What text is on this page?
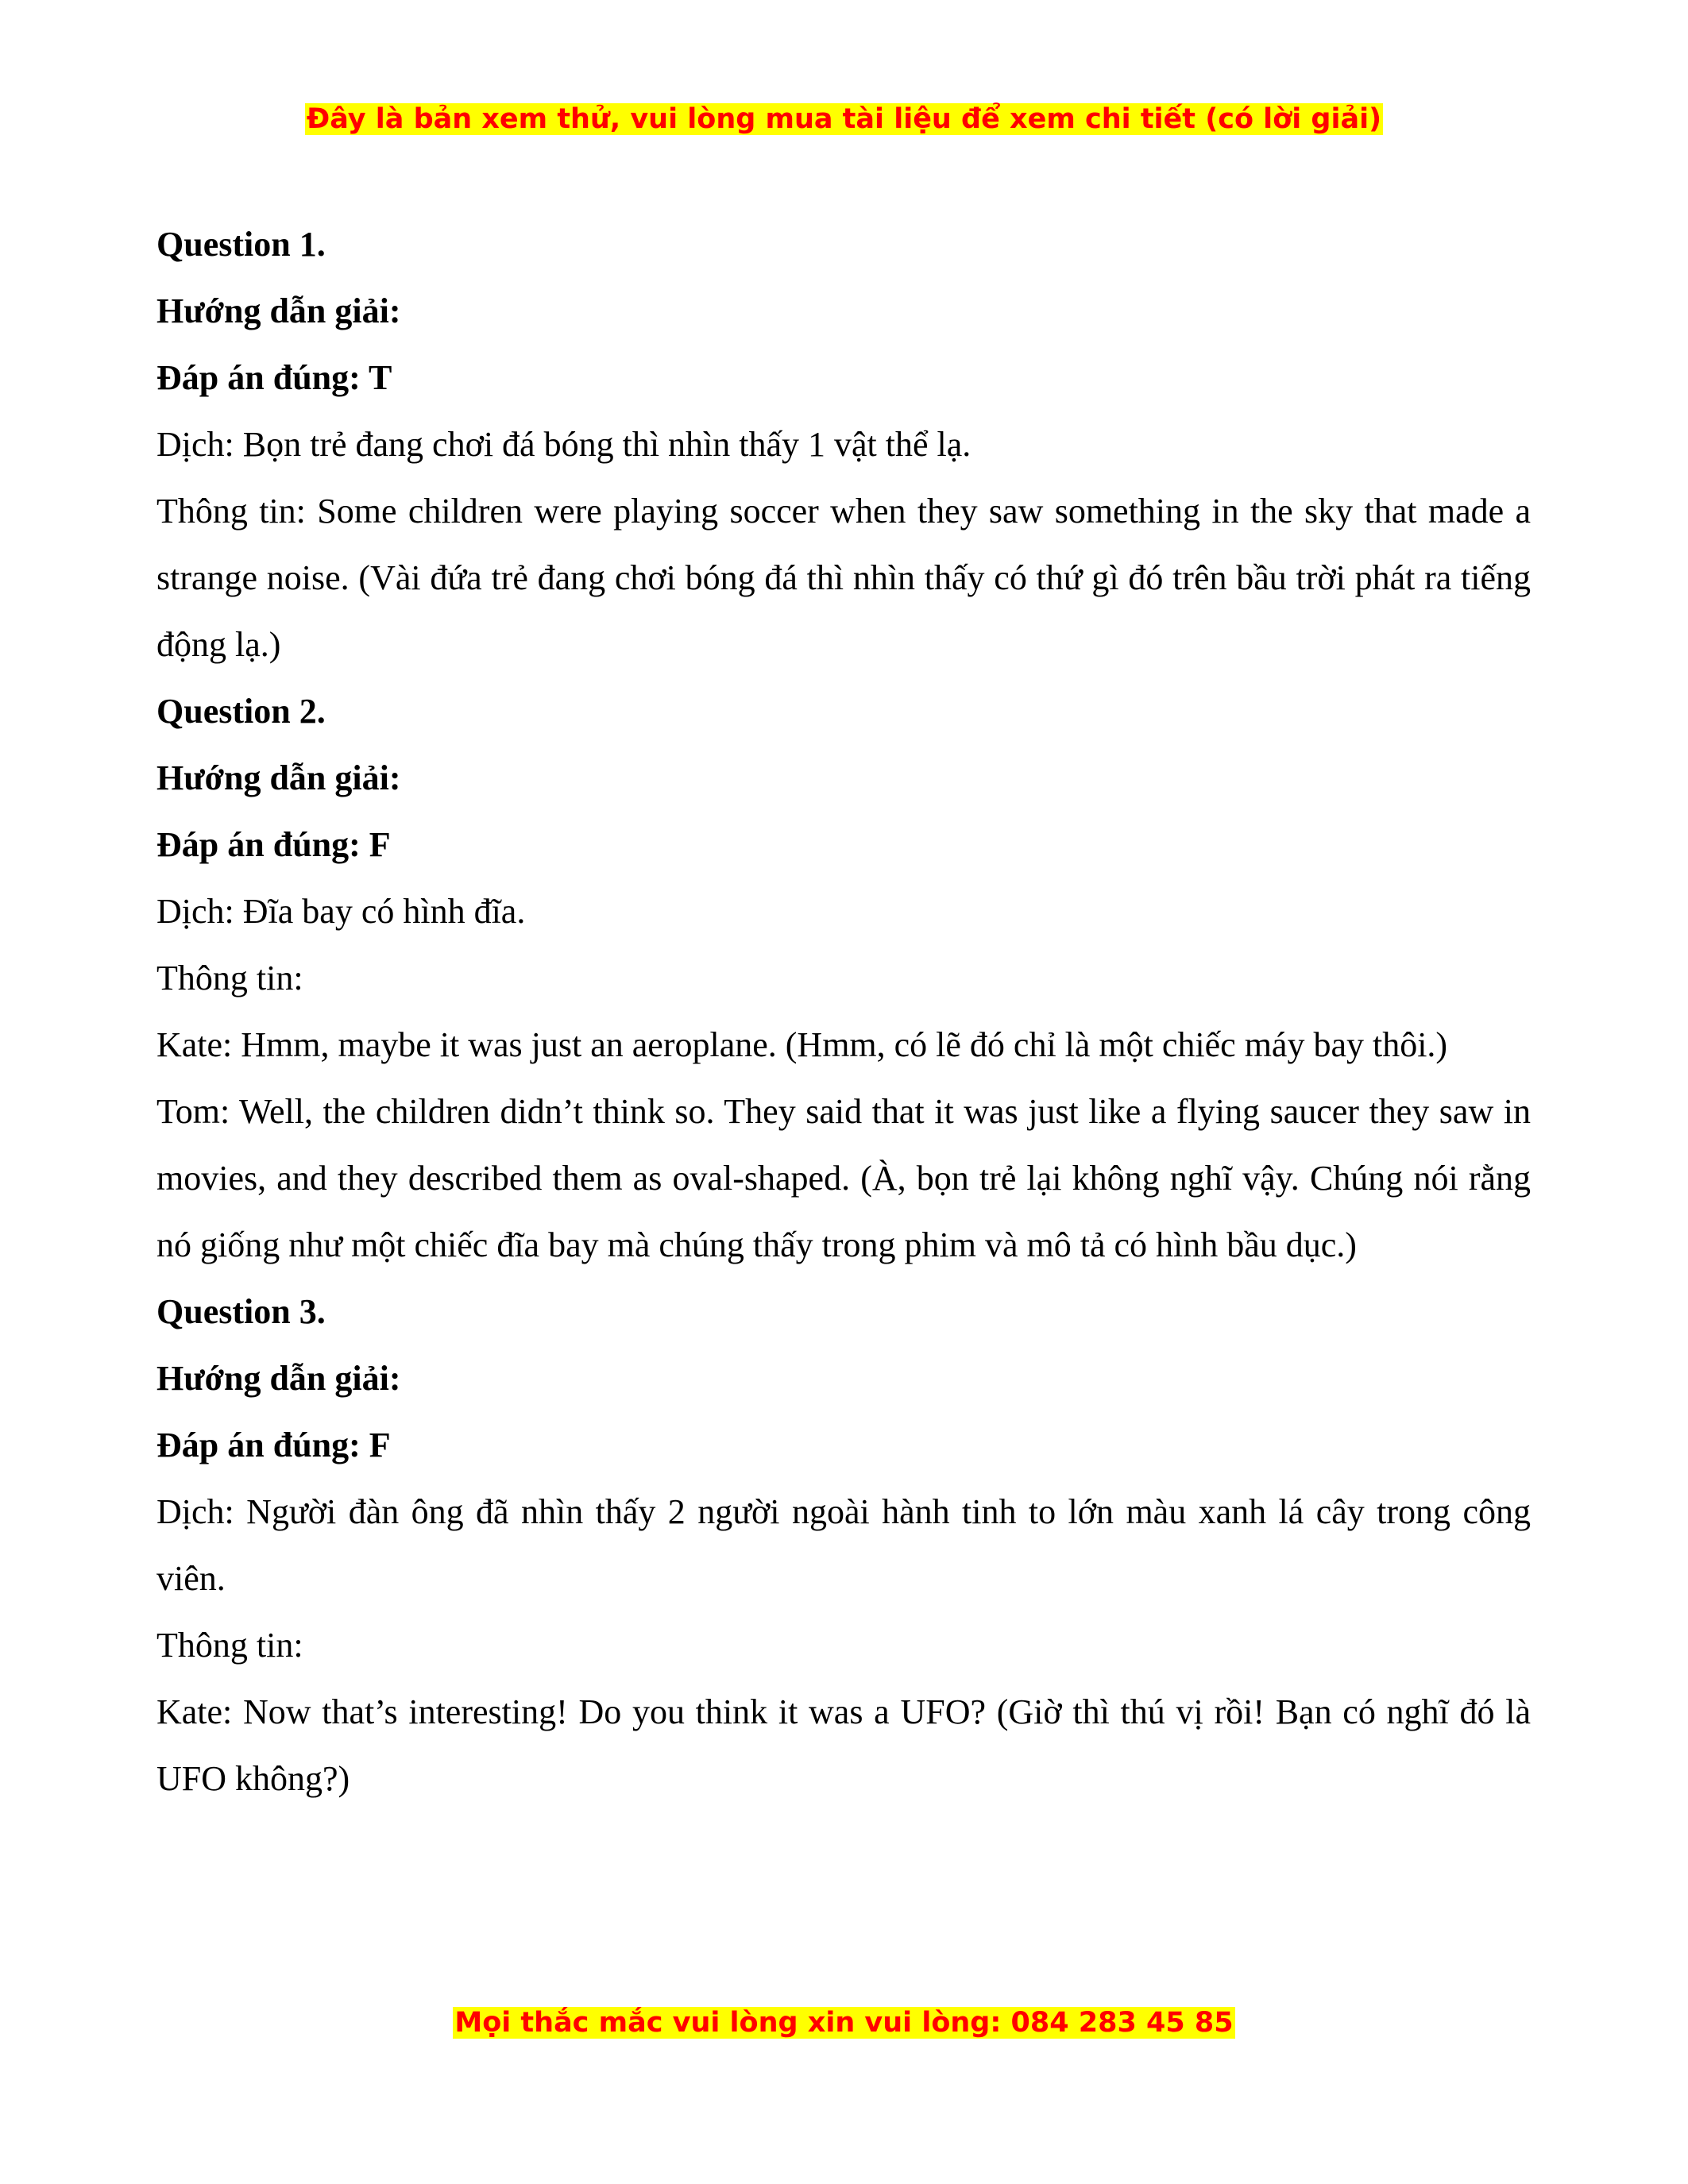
Đây là bản xem thử, vui lòng mua tài liệu để xem chi tiết (có lời giải)

Question 1.

Hướng dẫn giải:

Đáp án đúng: T

Dịch: Bọn trẻ đang chơi đá bóng thì nhìn thấy 1 vật thể lạ.

Thông tin: Some children were playing soccer when they saw something in the sky that made a strange noise. (Vài đứa trẻ đang chơi bóng đá thì nhìn thấy có thứ gì đó trên bầu trời phát ra tiếng động lạ.)

Question 2.

Hướng dẫn giải:

Đáp án đúng: F

Dịch: Đĩa bay có hình đĩa.

Thông tin:

Kate: Hmm, maybe it was just an aeroplane. (Hmm, có lẽ đó chỉ là một chiếc máy bay thôi.)

Tom: Well, the children didn’t think so. They said that it was just like a flying saucer they saw in movies, and they described them as oval-shaped. (À, bọn trẻ lại không nghĩ vậy. Chúng nói rằng nó giống như một chiếc đĩa bay mà chúng thấy trong phim và mô tả có hình bầu dục.)

Question 3.

Hướng dẫn giải:

Đáp án đúng: F

Dịch: Người đàn ông đã nhìn thấy 2 người ngoài hành tinh to lớn màu xanh lá cây trong công viên.

Thông tin:

Kate: Now that’s interesting! Do you think it was a UFO? (Giờ thì thú vị rồi! Bạn có nghĩ đó là UFO không?)

Mọi thắc mắc vui lòng xin vui lòng: 084 283 45 85
